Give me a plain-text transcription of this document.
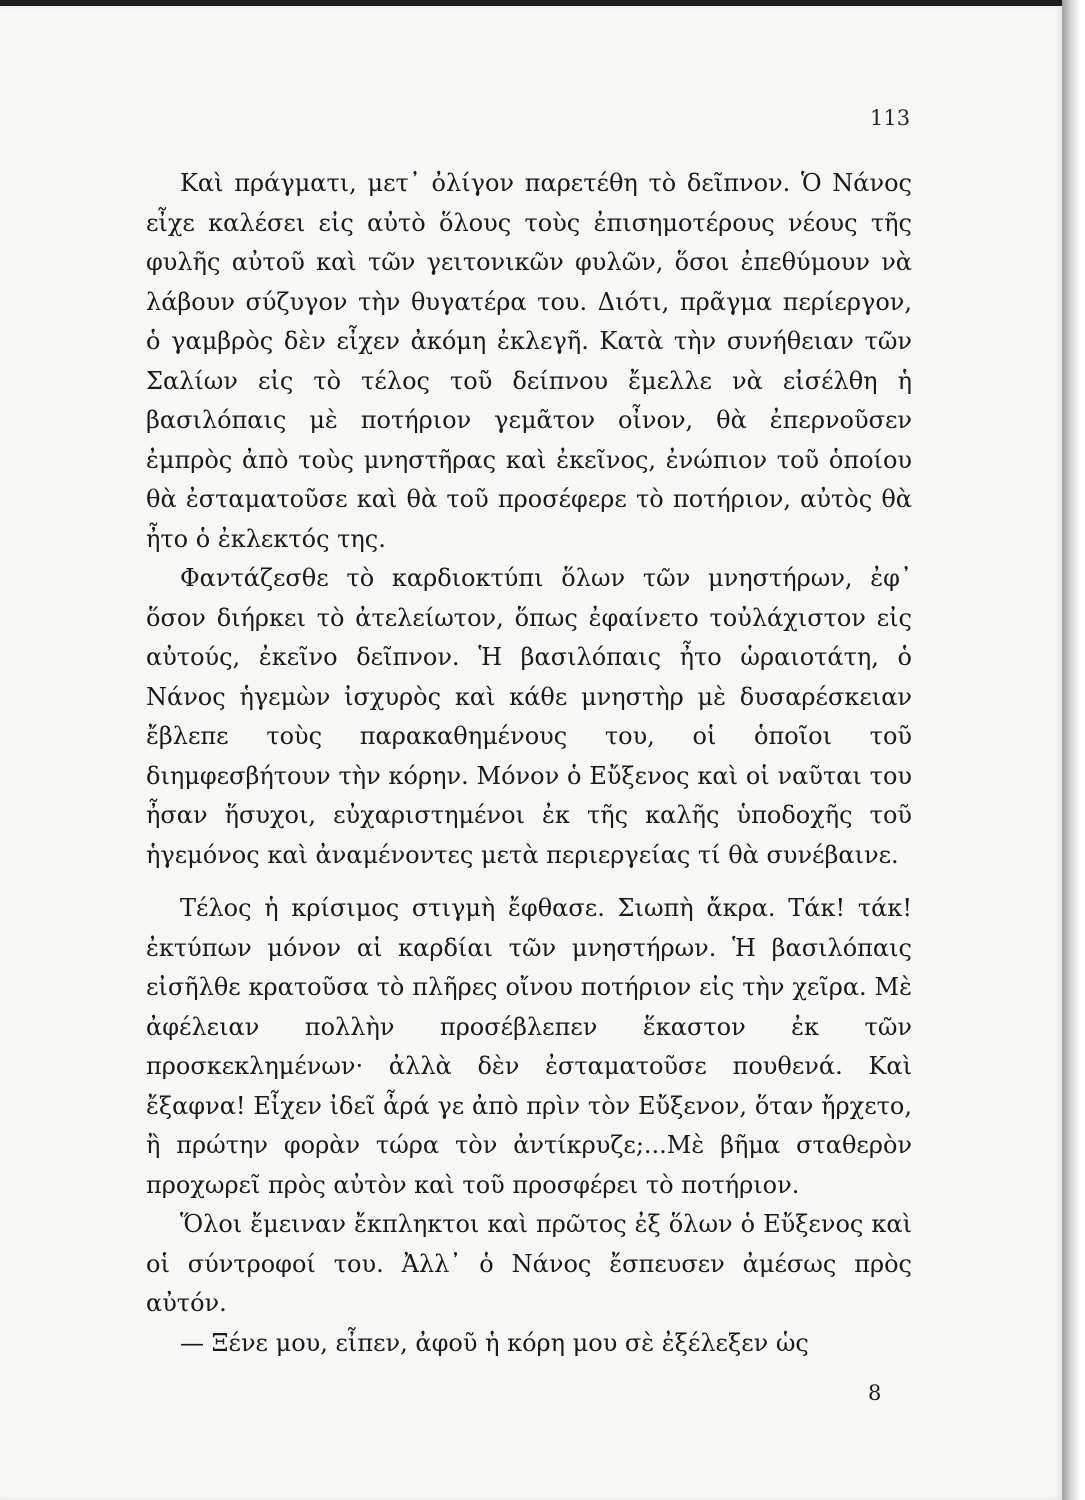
113

Καὶ πράγματι, μετ᾽ ὀλίγον παρετέθη τὸ δεῖπνον. Ὁ Νάνος εἶχε καλέσει εἰς αὐτὸ ὅλους τοὺς ἐπισημοτέρους νέους τῆς φυλῆς αὐτοῦ καὶ τῶν γειτονικῶν φυλῶν, ὅσοι ἐπεθύμουν νὰ λάβουν σύζυγον τὴν θυγατέρα του. Διότι, πρᾶγμα περίεργον, ὁ γαμβρὸς δὲν εἶχεν ἀκόμη ἐκλεγῆ. Κατὰ τὴν συνήθειαν τῶν Σαλίων εἰς τὸ τέλος τοῦ δείπνου ἔμελλε νὰ εἰσέλθη ἡ βασιλόπαις μὲ ποτήριον γεμᾶτον οἶνον, θὰ ἐπερνοῦσεν ἐμπρὸς ἀπὸ τοὺς μνηστῆρας καὶ ἐκεῖνος, ἐνώπιον τοῦ ὁποίου θὰ ἐσταματοῦσε καὶ θὰ τοῦ προσέφερε τὸ ποτήριον, αὐτὸς θὰ ἦτο ὁ ἐκλεκτός της.

Φαντάζεσθε τὸ καρδιοκτύπι ὅλων τῶν μνηστήρων, ἐφ᾽ ὅσον διήρκει τὸ ἀτελείωτον, ὅπως ἐφαίνετο τοὐλάχιστον εἰς αὐτούς, ἐκεῖνο δεῖπνον. Ἡ βασιλόπαις ἦτο ὡραιοτάτη, ὁ Νάνος ἡγεμὼν ἰσχυρὸς καὶ κάθε μνηστὴρ μὲ δυσαρέσκειαν ἔβλεπε τοὺς παρακαθημένους του, οἱ ὁποῖοι τοῦ διημφεσβήτουν τὴν κόρην. Μόνον ὁ Εὔξενος καὶ οἱ ναῦται του ἦσαν ἥσυχοι, εὐχαριστημένοι ἐκ τῆς καλῆς ὑποδοχῆς τοῦ ἡγεμόνος καὶ ἀναμένοντες μετὰ περιεργείας τί θὰ συνέβαινε.

Τέλος ἡ κρίσιμος στιγμὴ ἔφθασε. Σιωπὴ ἄκρα. Τάκ! τάκ! ἐκτύπων μόνον αἱ καρδίαι τῶν μνηστήρων. Ἡ βασιλόπαις εἰσῆλθε κρατοῦσα τὸ πλῆρες οἴνου ποτήριον εἰς τὴν χεῖρα. Μὲ ἀφέλειαν πολλὴν προσέβλεπεν ἕκαστον ἐκ τῶν προσκεκλημένων· ἀλλὰ δὲν ἐσταματοῦσε πουθενά. Καὶ ἔξαφνα! Εἶχεν ἰδεῖ ἆρά γε ἀπὸ πρὶν τὸν Εὔξενον, ὅταν ἤρχετο, ἢ πρώτην φορὰν τώρα τὸν ἀντίκρυζε;...Μὲ βῆμα σταθερὸν προχωρεῖ πρὸς αὐτὸν καὶ τοῦ προσφέρει τὸ ποτήριον.

Ὅλοι ἔμειναν ἔκπληκτοι καὶ πρῶτος ἐξ ὅλων ὁ Εὔξενος καὶ οἱ σύντροφοί του. Ἀλλ᾽ ὁ Νάνος ἔσπευσεν ἀμέσως πρὸς αὐτόν.

— Ξένε μου, εἶπεν, ἀφοῦ ἡ κόρη μου σὲ ἐξέλεξεν ὡς

8
